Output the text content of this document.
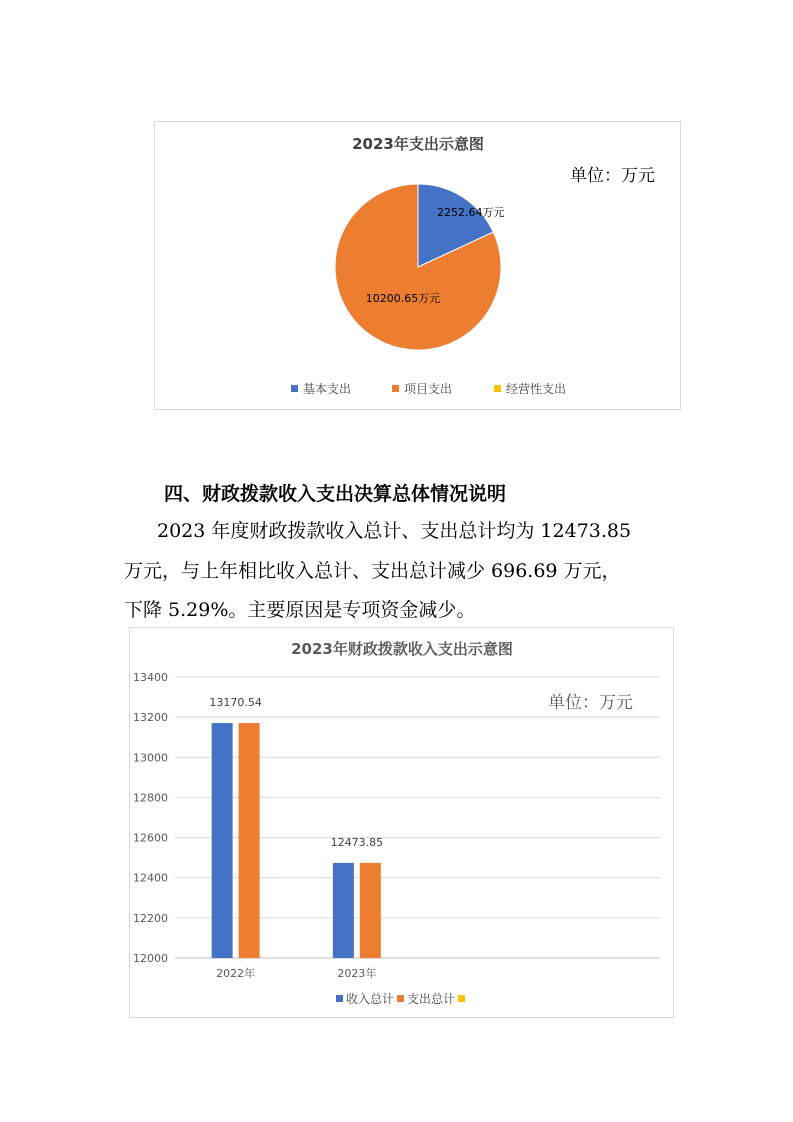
2023年支出示意图
单位：万元
2252.64万元
10200.65万元
基本支出	项目支出	经营性支出
四、财政拨款收入支出决算总体情况说明
2023 年度财政拨款收入总计、支出总计均为 12473.85
万元，与上年相比收入总计、支出总计减少 696.69 万元，
下降 5.29%。主要原因是专项资金减少。
2023年财政拨款收入支出示意图
单位：万元
12000
12200
12400
12600
12800
13000
13200
13400
13170.54
2022年
12473.85
2023年
收入总计 支出总计
